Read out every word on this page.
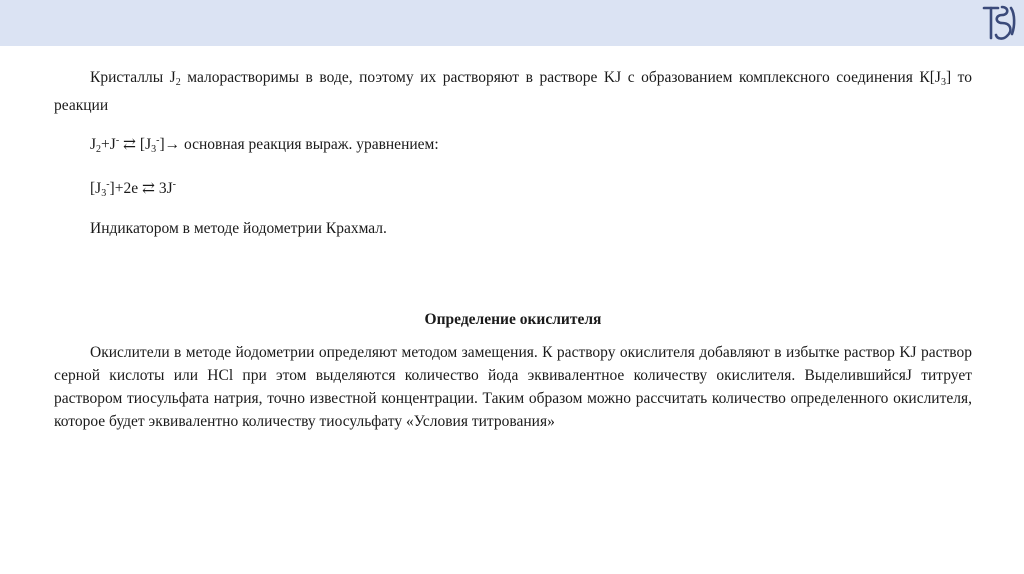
Кристаллы $J_2$ малорастворимы в воде, поэтому их растворяют в растворе KJ с образованием комплексного соединения $К[J_3]$ то реакции

$J_2+J^-$ ⇄ $[J_3^-]\to$ основная реакция выраж. уравнением:

$[J_3^-]+2e$ ⇄ 3J-

Индикатором в методе йодометрии Крахмал.

Определение окислителя

Окислители в методе йодометрии определяют методом замещения. К раствору окислителя добавляют в избытке раствор KJ раствор серной кислоты или HCl при этом выделяются количество йода эквивалентное количеству окислителя. ВыделившийсяJ титрует раствором тиосульфата натрия, точно известной концентрации. Таким образом можно рассчитать количество определенного окислителя, которое будет эквивалентно количеству тиосульфату «Условия титрования»
